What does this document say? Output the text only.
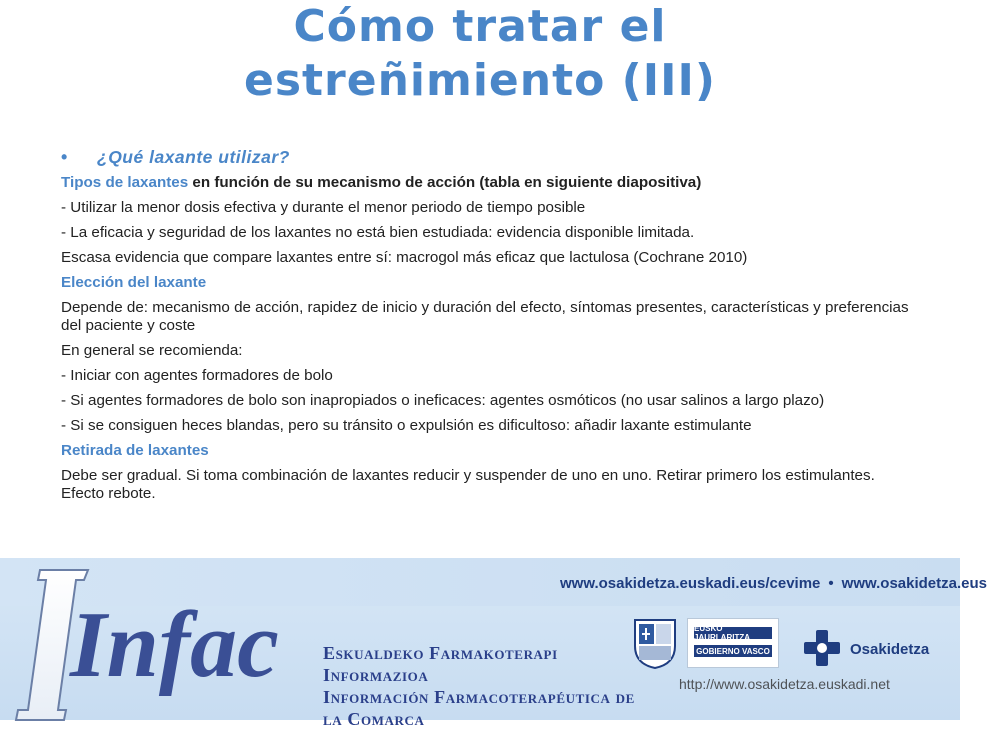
Cómo tratar el
estreñimiento (III)
•	¿Qué laxante utilizar?

Tipos de laxantes en función de su mecanismo de acción (tabla en siguiente diapositiva)

- Utilizar la menor dosis efectiva y durante el menor periodo de tiempo posible

- La eficacia y seguridad de los laxantes no está bien estudiada: evidencia disponible limitada.

Escasa evidencia que compare laxantes entre sí: macrogol más eficaz que lactulosa (Cochrane 2010)

Elección del laxante

Depende de: mecanismo de acción, rapidez de inicio y duración del efecto, síntomas presentes, características y preferencias del paciente y coste

En general se recomienda:

- Iniciar con agentes formadores de bolo

- Si agentes formadores de bolo son inapropiados o ineficaces: agentes osmóticos (no usar salinos a largo plazo)

- Si se consiguen heces blandas, pero su tránsito o expulsión es dificultoso: añadir laxante estimulante

Retirada de laxantes

Debe ser gradual. Si toma combinación de laxantes reducir y suspender de uno en uno. Retirar primero los estimulantes. Efecto rebote.

Infac
www.osakidetza.euskadi.eus/cevime • www.osakidetza.eus
Eskualdeko Farmakoterapi Informazioa
Información Farmacoterapéutica de la Comarca
EUSKO JAURLARITZA
GOBIERNO VASCO	Osakidetza
http://www.osakidetza.euskadi.net
